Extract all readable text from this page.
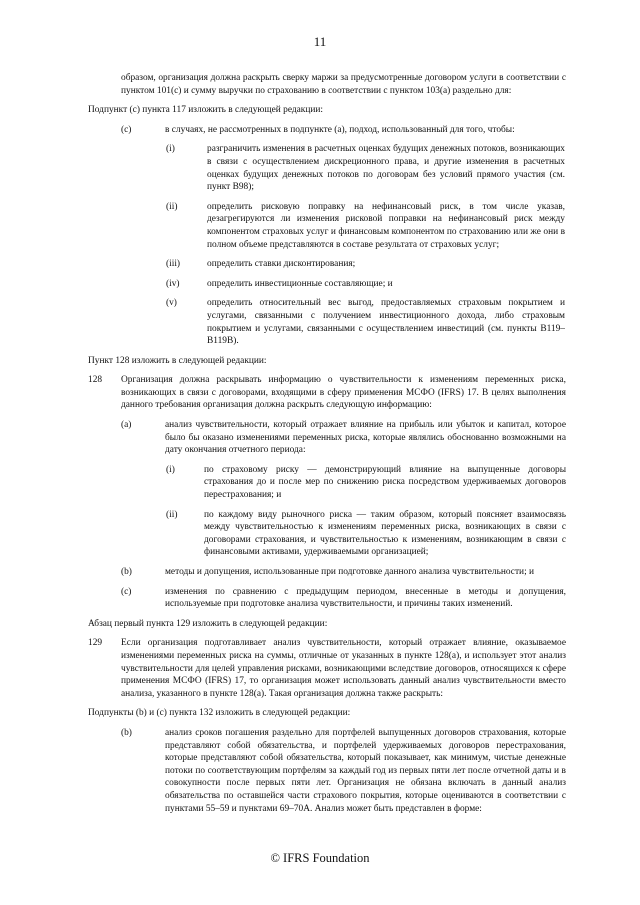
11

образом, организация должна раскрыть сверку маржи за предусмотренные договором услуги в соответствии с пунктом 101(c) и сумму выручки по страхованию в соответствии с пунктом 103(a) раздельно для:

Подпункт (c) пункта 117 изложить в следующей редакции:

(c)	в случаях, не рассмотренных в подпункте (a), подход, использованный для того, чтобы:

(i)	разграничить изменения в расчетных оценках будущих денежных потоков, возникающих в связи с осуществлением дискреционного права, и другие изменения в расчетных оценках будущих денежных потоков по договорам без условий прямого участия (см. пункт B98);

(ii)	определить рисковую поправку на нефинансовый риск, в том числе указав, дезагрегируются ли изменения рисковой поправки на нефинансовый риск между компонентом страховых услуг и финансовым компонентом по страхованию или же они в полном объеме представляются в составе результата от страховых услуг;

(iii)	определить ставки дисконтирования;

(iv)	определить инвестиционные составляющие; и

(v)	определить относительный вес выгод, предоставляемых страховым покрытием и услугами, связанными с получением инвестиционного дохода, либо страховым покрытием и услугами, связанными с осуществлением инвестиций (см. пункты B119–B119B).

Пункт 128 изложить в следующей редакции:

128 Организация должна раскрывать информацию о чувствительности к изменениям переменных риска, возникающих в связи с договорами, входящими в сферу применения МСФО (IFRS) 17. В целях выполнения данного требования организация должна раскрыть следующую информацию:

(a)	анализ чувствительности, который отражает влияние на прибыль или убыток и капитал, которое было бы оказано изменениями переменных риска, которые являлись обоснованно возможными на дату окончания отчетного периода:

(i)	по страховому риску — демонстрирующий влияние на выпущенные договоры страхования до и после мер по снижению риска посредством удерживаемых договоров перестрахования; и

(ii)	по каждому виду рыночного риска — таким образом, который поясняет взаимосвязь между чувствительностью к изменениям переменных риска, возникающих в связи с договорами страхования, и чувствительностью к изменениям, возникающим в связи с финансовыми активами, удерживаемыми организацией;

(b)	методы и допущения, использованные при подготовке данного анализа чувствительности; и

(c)	изменения по сравнению с предыдущим периодом, внесенные в методы и допущения, используемые при подготовке анализа чувствительности, и причины таких изменений.

Абзац первый пункта 129 изложить в следующей редакции:

129 Если организация подготавливает анализ чувствительности, который отражает влияние, оказываемое изменениями переменных риска на суммы, отличные от указанных в пункте 128(a), и использует этот анализ чувствительности для целей управления рисками, возникающими вследствие договоров, относящихся к сфере применения МСФО (IFRS) 17, то организация может использовать данный анализ чувствительности вместо анализа, указанного в пункте 128(a). Такая организация должна также раскрыть:

Подпункты (b) и (c) пункта 132 изложить в следующей редакции:

(b)	анализ сроков погашения раздельно для портфелей выпущенных договоров страхования, которые представляют собой обязательства, и портфелей удерживаемых договоров перестрахования, которые представляют собой обязательства, который показывает, как минимум, чистые денежные потоки по соответствующим портфелям за каждый год из первых пяти лет после отчетной даты и в совокупности после первых пяти лет. Организация не обязана включать в данный анализ обязательства по оставшейся части страхового покрытия, которые оцениваются в соответствии с пунктами 55–59 и пунктами 69–70A. Анализ может быть представлен в форме:

© IFRS Foundation
